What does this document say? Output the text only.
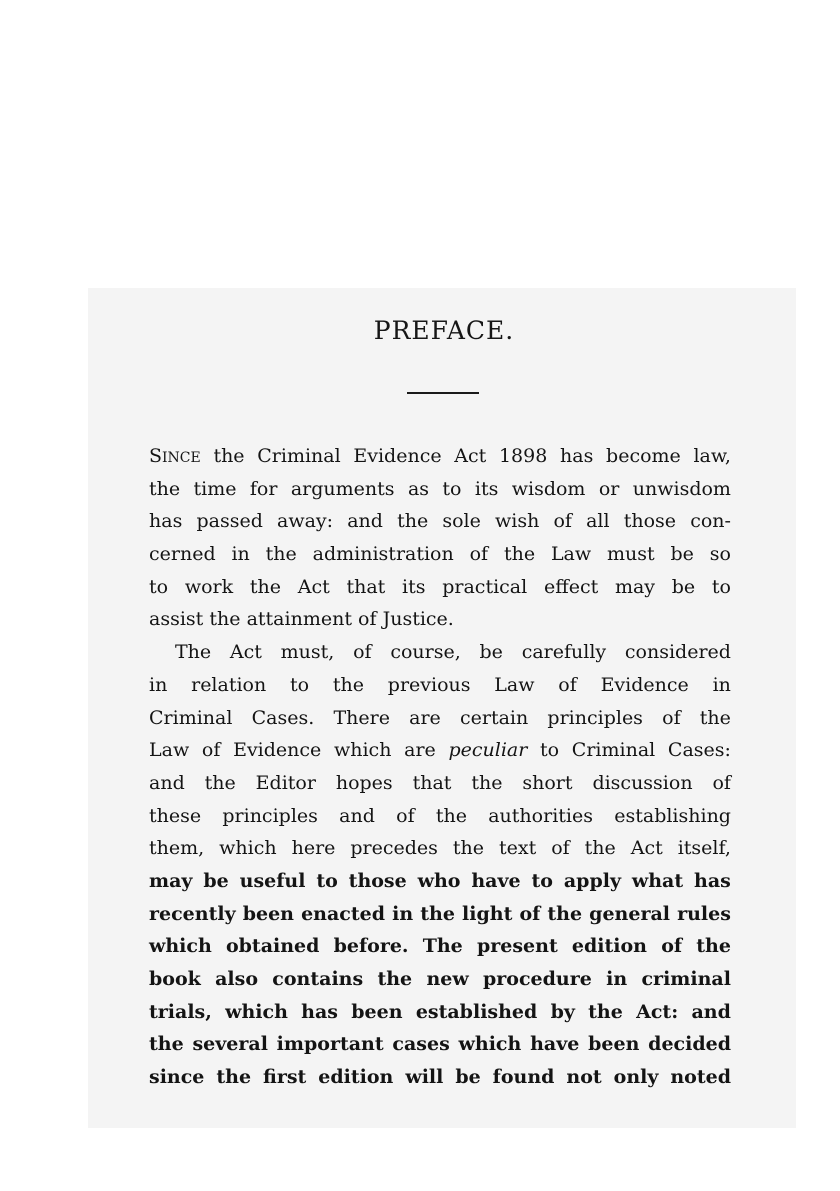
PREFACE.
SINCE the Criminal Evidence Act 1898 has become law,
the time for arguments as to its wisdom or unwisdom
has passed away: and the sole wish of all those con-
cerned in the administration of the Law must be so
to work the Act that its practical effect may be to
assist the attainment of Justice.
The Act must, of course, be carefully considered
in relation to the previous Law of Evidence in
Criminal Cases. There are certain principles of the
Law of Evidence which are peculiar to Criminal Cases:
and the Editor hopes that the short discussion of
these principles and of the authorities establishing
them, which here precedes the text of the Act itself,
may be useful to those who have to apply what has
recently been enacted in the light of the general rules
which obtained before. The present edition of the
book also contains the new procedure in criminal
trials, which has been established by the Act: and
the several important cases which have been decided
since the first edition will be found not only noted
